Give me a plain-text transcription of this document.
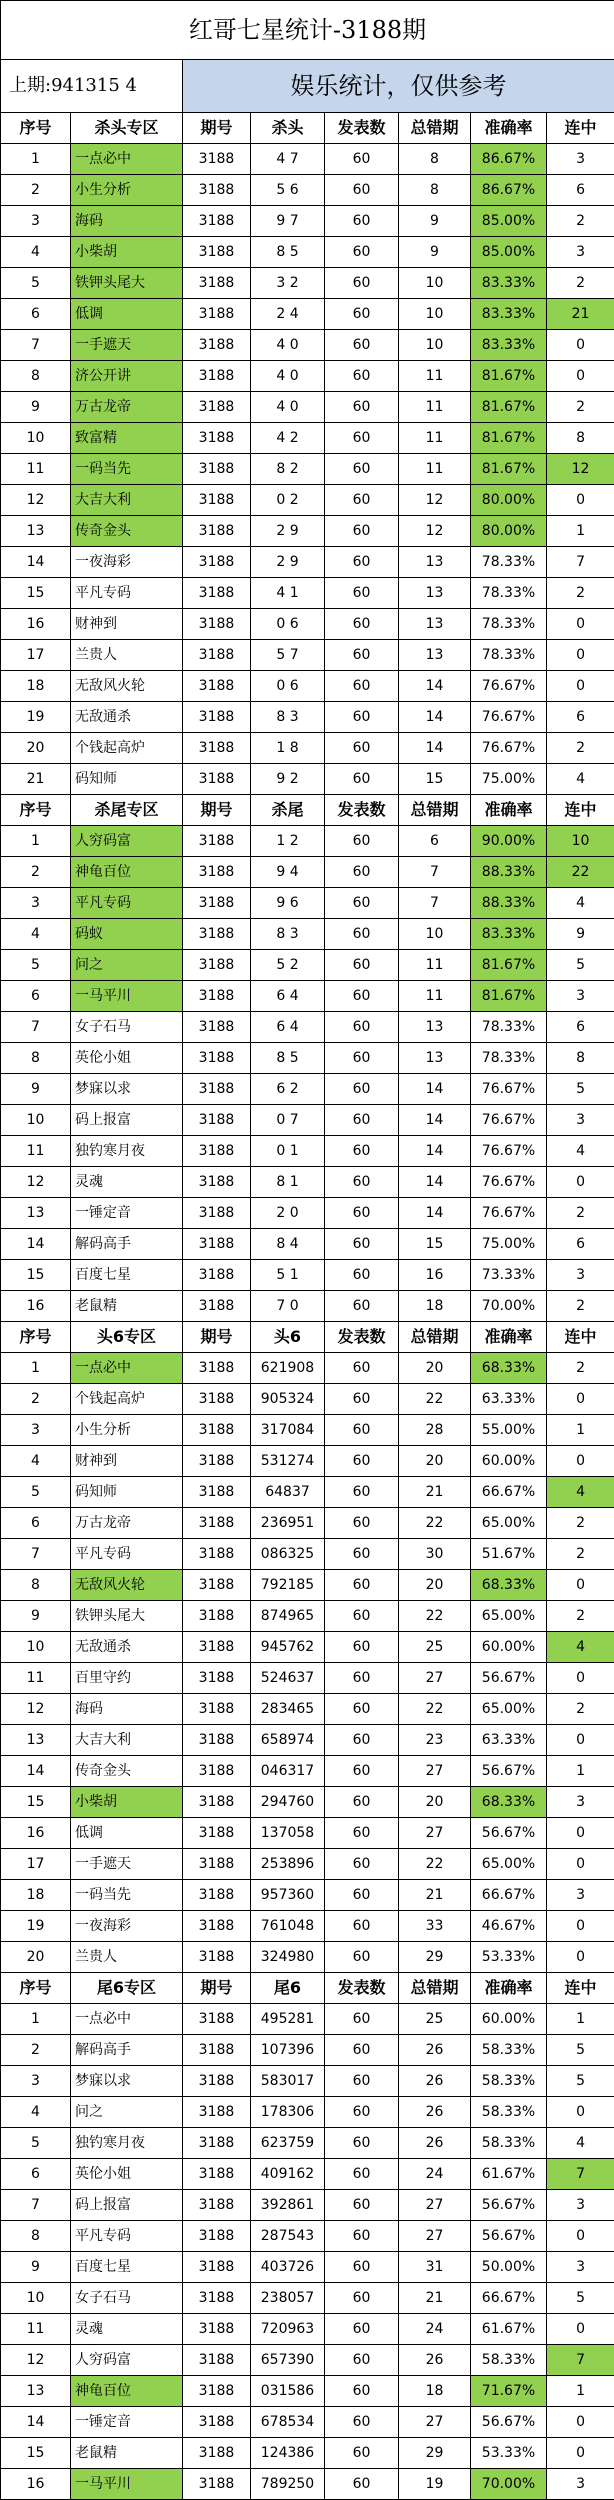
红哥七星统计-3188期							
上期:941315 4		娱乐统计，仅供参考					
序号	杀头专区	期号	杀头	发表数	总错期	准确率	连中
1	一点必中	3188	4 7	60	8	86.67%	3
2	小生分析	3188	5 6	60	8	86.67%	6
3	海码	3188	9 7	60	9	85.00%	2
4	小柴胡	3188	8 5	60	9	85.00%	3
5	铁钾头尾大	3188	3 2	60	10	83.33%	2
6	低调	3188	2 4	60	10	83.33%	21
7	一手遮天	3188	4 0	60	10	83.33%	0
8	济公开讲	3188	4 0	60	11	81.67%	0
9	万古龙帝	3188	4 0	60	11	81.67%	2
10	致富精	3188	4 2	60	11	81.67%	8
11	一码当先	3188	8 2	60	11	81.67%	12
12	大吉大利	3188	0 2	60	12	80.00%	0
13	传奇金头	3188	2 9	60	12	80.00%	1
14	一夜海彩	3188	2 9	60	13	78.33%	7
15	平凡专码	3188	4 1	60	13	78.33%	2
16	财神到	3188	0 6	60	13	78.33%	0
17	兰贵人	3188	5 7	60	13	78.33%	0
18	无敌风火轮	3188	0 6	60	14	76.67%	0
19	无敌通杀	3188	8 3	60	14	76.67%	6
20	个钱起高炉	3188	1 8	60	14	76.67%	2
21	码知师	3188	9 2	60	15	75.00%	4
序号	杀尾专区	期号	杀尾	发表数	总错期	准确率	连中
1	人穷码富	3188	1 2	60	6	90.00%	10
2	神龟百位	3188	9 4	60	7	88.33%	22
3	平凡专码	3188	9 6	60	7	88.33%	4
4	码蚁	3188	8 3	60	10	83.33%	9
5	问之	3188	5 2	60	11	81.67%	5
6	一马平川	3188	6 4	60	11	81.67%	3
7	女子石马	3188	6 4	60	13	78.33%	6
8	英伦小姐	3188	8 5	60	13	78.33%	8
9	梦寐以求	3188	6 2	60	14	76.67%	5
10	码上报富	3188	0 7	60	14	76.67%	3
11	独钓寒月夜	3188	0 1	60	14	76.67%	4
12	灵魂	3188	8 1	60	14	76.67%	0
13	一锤定音	3188	2 0	60	14	76.67%	2
14	解码高手	3188	8 4	60	15	75.00%	6
15	百度七星	3188	5 1	60	16	73.33%	3
16	老鼠精	3188	7 0	60	18	70.00%	2
序号	头6专区	期号	头6	发表数	总错期	准确率	连中
1	一点必中	3188	621908	60	20	68.33%	2
2	个钱起高炉	3188	905324	60	22	63.33%	0
3	小生分析	3188	317084	60	28	55.00%	1
4	财神到	3188	531274	60	20	60.00%	0
5	码知师	3188	64837	60	21	66.67%	4
6	万古龙帝	3188	236951	60	22	65.00%	2
7	平凡专码	3188	086325	60	30	51.67%	2
8	无敌风火轮	3188	792185	60	20	68.33%	0
9	铁钾头尾大	3188	874965	60	22	65.00%	2
10	无敌通杀	3188	945762	60	25	60.00%	4
11	百里守约	3188	524637	60	27	56.67%	0
12	海码	3188	283465	60	22	65.00%	2
13	大吉大利	3188	658974	60	23	63.33%	0
14	传奇金头	3188	046317	60	27	56.67%	1
15	小柴胡	3188	294760	60	20	68.33%	3
16	低调	3188	137058	60	27	56.67%	0
17	一手遮天	3188	253896	60	22	65.00%	0
18	一码当先	3188	957360	60	21	66.67%	3
19	一夜海彩	3188	761048	60	33	46.67%	0
20	兰贵人	3188	324980	60	29	53.33%	0
序号	尾6专区	期号	尾6	发表数	总错期	准确率	连中
1	一点必中	3188	495281	60	25	60.00%	1
2	解码高手	3188	107396	60	26	58.33%	5
3	梦寐以求	3188	583017	60	26	58.33%	5
4	问之	3188	178306	60	26	58.33%	0
5	独钓寒月夜	3188	623759	60	26	58.33%	4
6	英伦小姐	3188	409162	60	24	61.67%	7
7	码上报富	3188	392861	60	27	56.67%	3
8	平凡专码	3188	287543	60	27	56.67%	0
9	百度七星	3188	403726	60	31	50.00%	3
10	女子石马	3188	238057	60	21	66.67%	5
11	灵魂	3188	720963	60	24	61.67%	0
12	人穷码富	3188	657390	60	26	58.33%	7
13	神龟百位	3188	031586	60	18	71.67%	1
14	一锤定音	3188	678534	60	27	56.67%	0
15	老鼠精	3188	124386	60	29	53.33%	0
16	一马平川	3188	789250	60	19	70.00%	3
